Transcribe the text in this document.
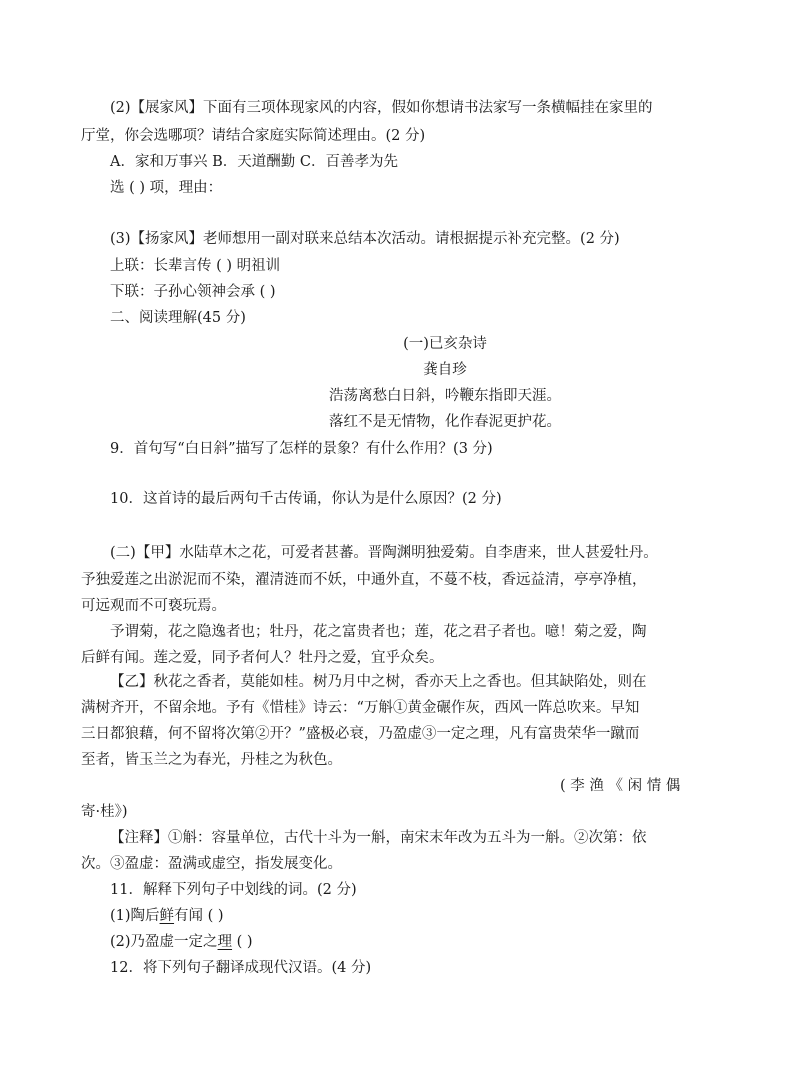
(2)【展家风】下面有三项体现家风的内容，假如你想请书法家写一条横幅挂在家里的
厅堂，你会选哪项？请结合家庭实际简述理由。(2 分)
A．家和万事兴 B．天道酬勤 C．百善孝为先
选 ( ) 项，理由：
(3)【扬家风】老师想用一副对联来总结本次活动。请根据提示补充完整。(2 分)
上联：长辈言传 ( ) 明祖训
下联：子孙心领神会承 ( )
二、阅读理解(45 分)
(一)已亥杂诗
龚自珍
浩荡离愁白日斜，吟鞭东指即天涯。
落红不是无情物，化作春泥更护花。
9．首句写“白日斜”描写了怎样的景象？有什么作用？(3 分)
10．这首诗的最后两句千古传诵，你认为是什么原因？(2 分)
(二)【甲】水陆草木之花，可爱者甚蕃。晋陶渊明独爱菊。自李唐来，世人甚爱牡丹。
予独爱莲之出淤泥而不染，濯清涟而不妖，中通外直，不蔓不枝，香远益清，亭亭净植，
可远观而不可亵玩焉。
予谓菊，花之隐逸者也；牡丹，花之富贵者也；莲，花之君子者也。噫！菊之爱，陶
后鲜有闻。莲之爱，同予者何人？牡丹之爱，宜乎众矣。
【乙】秋花之香者，莫能如桂。树乃月中之树，香亦天上之香也。但其缺陷处，则在
满树齐开，不留余地。予有《惜桂》诗云：“万斛①黄金碾作灰，西风一阵总吹来。早知
三日都狼藉，何不留将次第②开？”盛极必衰，乃盈虚③一定之理，凡有富贵荣华一蹴而
至者，皆玉兰之为春光，丹桂之为秋色。
( 李 渔 《 闲 情 偶
寄·桂》)
【注释】①斛：容量单位，古代十斗为一斛，南宋末年改为五斗为一斛。②次第：依
次。③盈虚：盈满或虚空，指发展变化。
11．解释下列句子中划线的词。(2 分)
(1)陶后鲜有闻 ( )
(2)乃盈虚一定之理 ( )
12．将下列句子翻译成现代汉语。(4 分)
